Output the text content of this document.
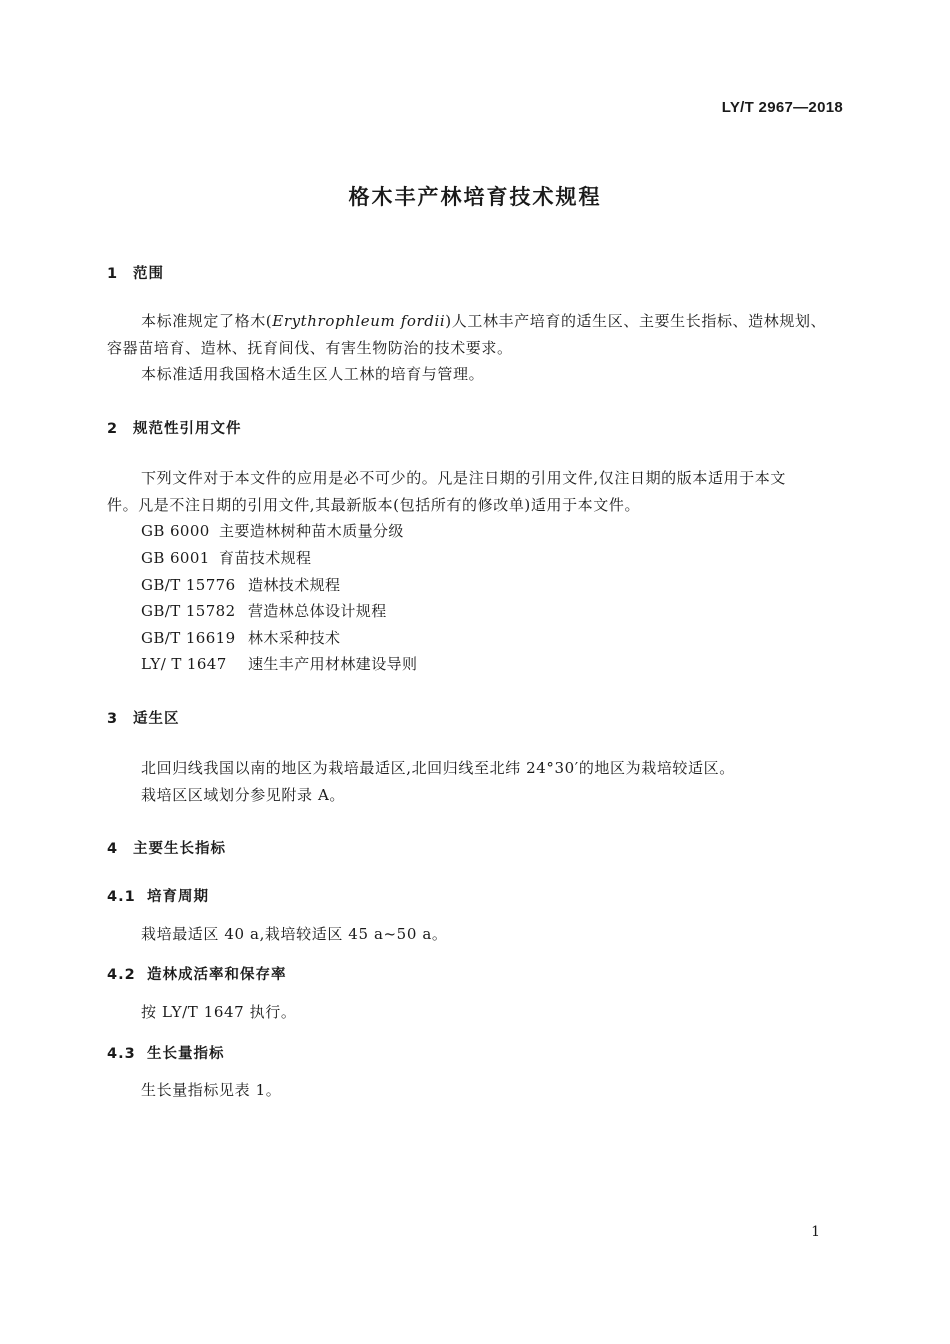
LY/T 2967—2018
格木丰产林培育技术规程
1 范围
本标准规定了格木(Erythrophleum fordii)人工林丰产培育的适生区、主要生长指标、造林规划、
容器苗培育、造林、抚育间伐、有害生物防治的技术要求。
本标准适用我国格木适生区人工林的培育与管理。
2 规范性引用文件
下列文件对于本文件的应用是必不可少的。凡是注日期的引用文件,仅注日期的版本适用于本文
件。凡是不注日期的引用文件,其最新版本(包括所有的修改单)适用于本文件。
GB 6000 主要造林树种苗木质量分级
GB 6001 育苗技术规程
GB/T 15776 造林技术规程
GB/T 15782 营造林总体设计规程
GB/T 16619 林木采种技术
LY/ T 1647 速生丰产用材林建设导则
3 适生区
北回归线我国以南的地区为栽培最适区,北回归线至北纬 24°30′的地区为栽培较适区。
栽培区区域划分参见附录 A。
4 主要生长指标
4.1 培育周期
栽培最适区 40 a,栽培较适区 45 a~50 a。
4.2 造林成活率和保存率
按 LY/T 1647 执行。
4.3 生长量指标
生长量指标见表 1。
1
